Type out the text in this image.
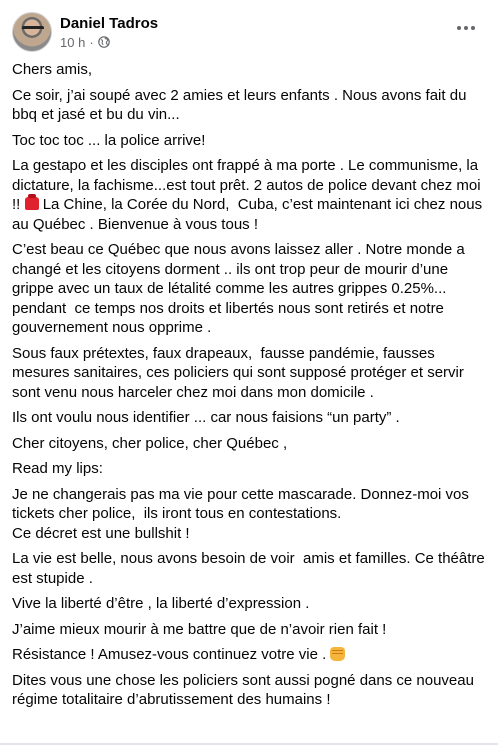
Daniel Tadros
10 h ·

Chers amis,

Ce soir, j’ai soupé avec 2 amies et leurs enfants . Nous avons fait du bbq et jasé et bu du vin...

Toc toc toc ... la police arrive!

La gestapo et les disciples ont frappé à ma porte . Le communisme, la dictature, la fachisme...est tout prêt. 2 autos de police devant chez moi !! La Chine, la Corée du Nord,  Cuba, c’est maintenant ici chez nous au Québec . Bienvenue à vous tous !

C’est beau ce Québec que nous avons laissez aller . Notre monde a changé et les citoyens dorment .. ils ont trop peur de mourir d’une grippe avec un taux de létalité comme les autres grippes 0.25%... pendant  ce temps nos droits et libertés nous sont retirés et notre gouvernement nous opprime .

Sous faux prétextes, faux drapeaux,  fausse pandémie, fausses mesures sanitaires, ces policiers qui sont supposé protéger et servir sont venu nous harceler chez moi dans mon domicile .

Ils ont voulu nous identifier ... car nous faisions “un party” .

Cher citoyens, cher police, cher Québec ,

Read my lips:

Je ne changerais pas ma vie pour cette mascarade. Donnez-moi vos tickets cher police,  ils iront tous en contestations.
Ce décret est une bullshit !

La vie est belle, nous avons besoin de voir  amis et familles. Ce théâtre est stupide .

Vive la liberté d’être , la liberté d’expression .

J’aime mieux mourir à me battre que de n’avoir rien fait !

Résistance ! Amusez-vous continuez votre vie .

Dites vous une chose les policiers sont aussi pogné dans ce nouveau régime totalitaire d’abrutissement des humains !
